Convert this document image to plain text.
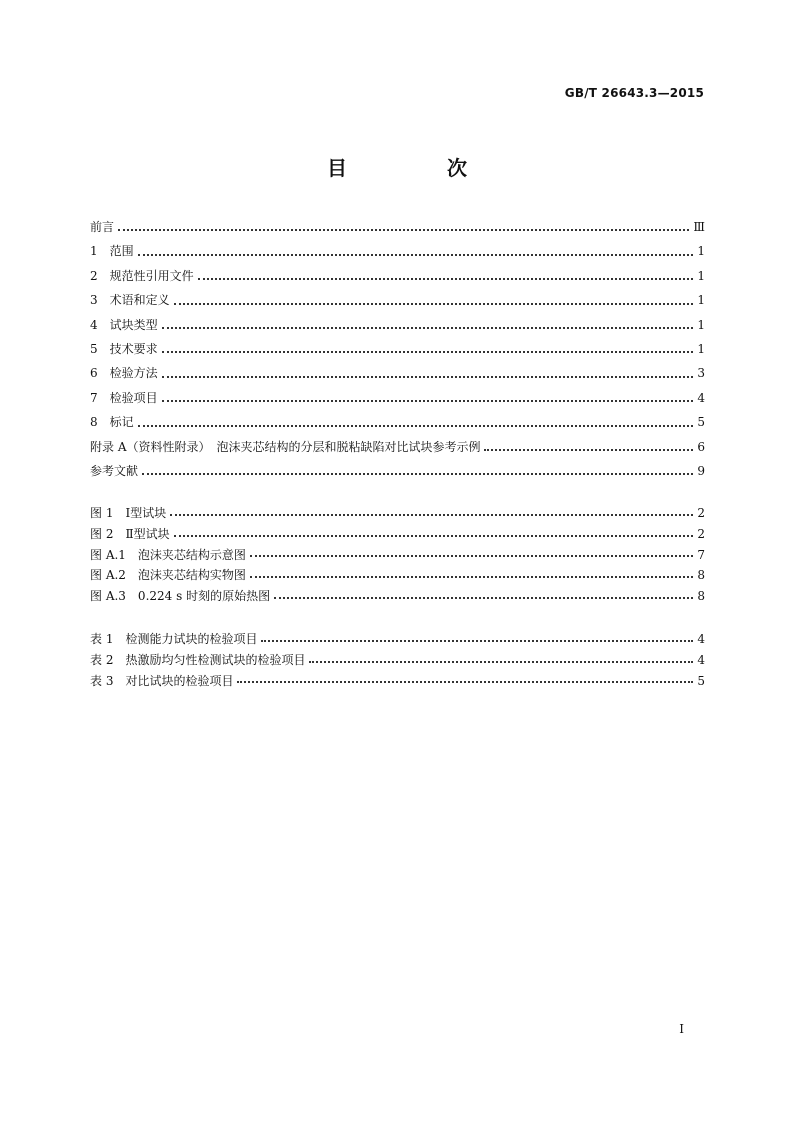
GB/T 26643.3—2015
目　次
前言	Ⅲ
1　范围	1
2　规范性引用文件	1
3　术语和定义	1
4　试块类型	1
5　技术要求	1
6　检验方法	3
7　检验项目	4
8　标记	5
附录 A（资料性附录）　泡沫夹芯结构的分层和脱粘缺陷对比试块参考示例	6
参考文献	9
图 1　Ⅰ型试块	2
图 2　Ⅱ型试块	2
图 A.1　泡沫夹芯结构示意图	7
图 A.2　泡沫夹芯结构实物图	8
图 A.3　0.224 s 时刻的原始热图	8
表 1　检测能力试块的检验项目	4
表 2　热激励均匀性检测试块的检验项目	4
表 3　对比试块的检验项目	5
Ⅰ
